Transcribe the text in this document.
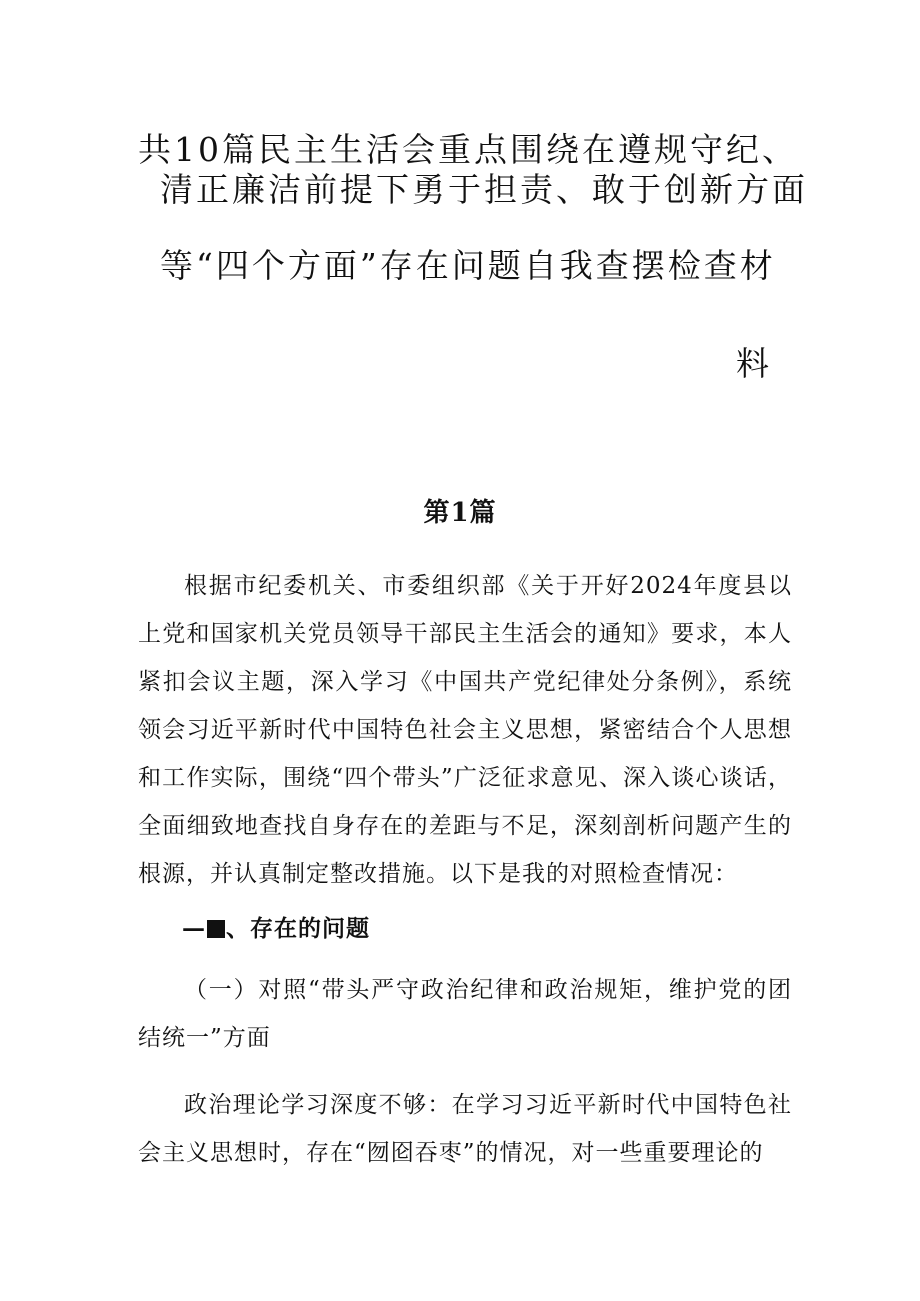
共10篇民主生活会重点围绕在遵规守纪、
清正廉洁前提下勇于担责、敢于创新方面
等“四个方面”存在问题自我查摆检查材
料
第1篇

根据市纪委机关、市委组织部《关于开好2024年度县以上党和国家机关党员领导干部民主生活会的通知》要求，本人紧扣会议主题，深入学习《中国共产党纪律处分条例》，系统领会习近平新时代中国特色社会主义思想，紧密结合个人思想和工作实际，围绕“四个带头”广泛征求意见、深入谈心谈话，全面细致地查找自身存在的差距与不足，深刻剖析问题产生的根源，并认真制定整改措施。以下是我的对照检查情况：

— 、存在的问题

（一）对照“带头严守政治纪律和政治规矩，维护党的团结统一”方面

政治理论学习深度不够：在学习习近平新时代中国特色社会主义思想时，存在“囫囵吞枣”的情况，对一些重要理论的
